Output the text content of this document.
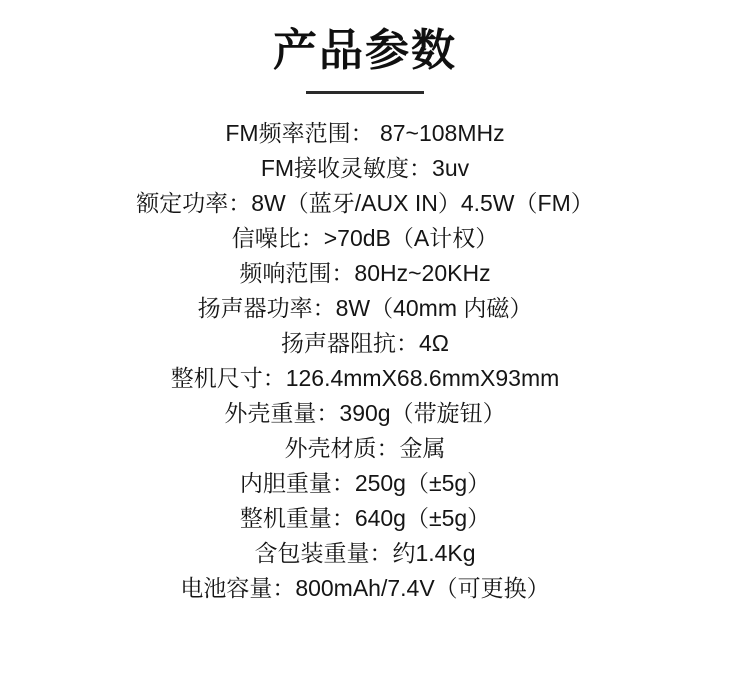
产品参数
FM频率范围： 87~108MHz
FM接收灵敏度：3uv
额定功率：8W（蓝牙/AUX IN）4.5W（FM）
信噪比：>70dB（A计权）
频响范围：80Hz~20KHz
扬声器功率：8W（40mm 内磁）
扬声器阻抗：4Ω
整机尺寸：126.4mmX68.6mmX93mm
外壳重量：390g（带旋钮）
外壳材质：金属
内胆重量：250g（±5g）
整机重量：640g（±5g）
含包装重量：约1.4Kg
电池容量：800mAh/7.4V（可更换）
